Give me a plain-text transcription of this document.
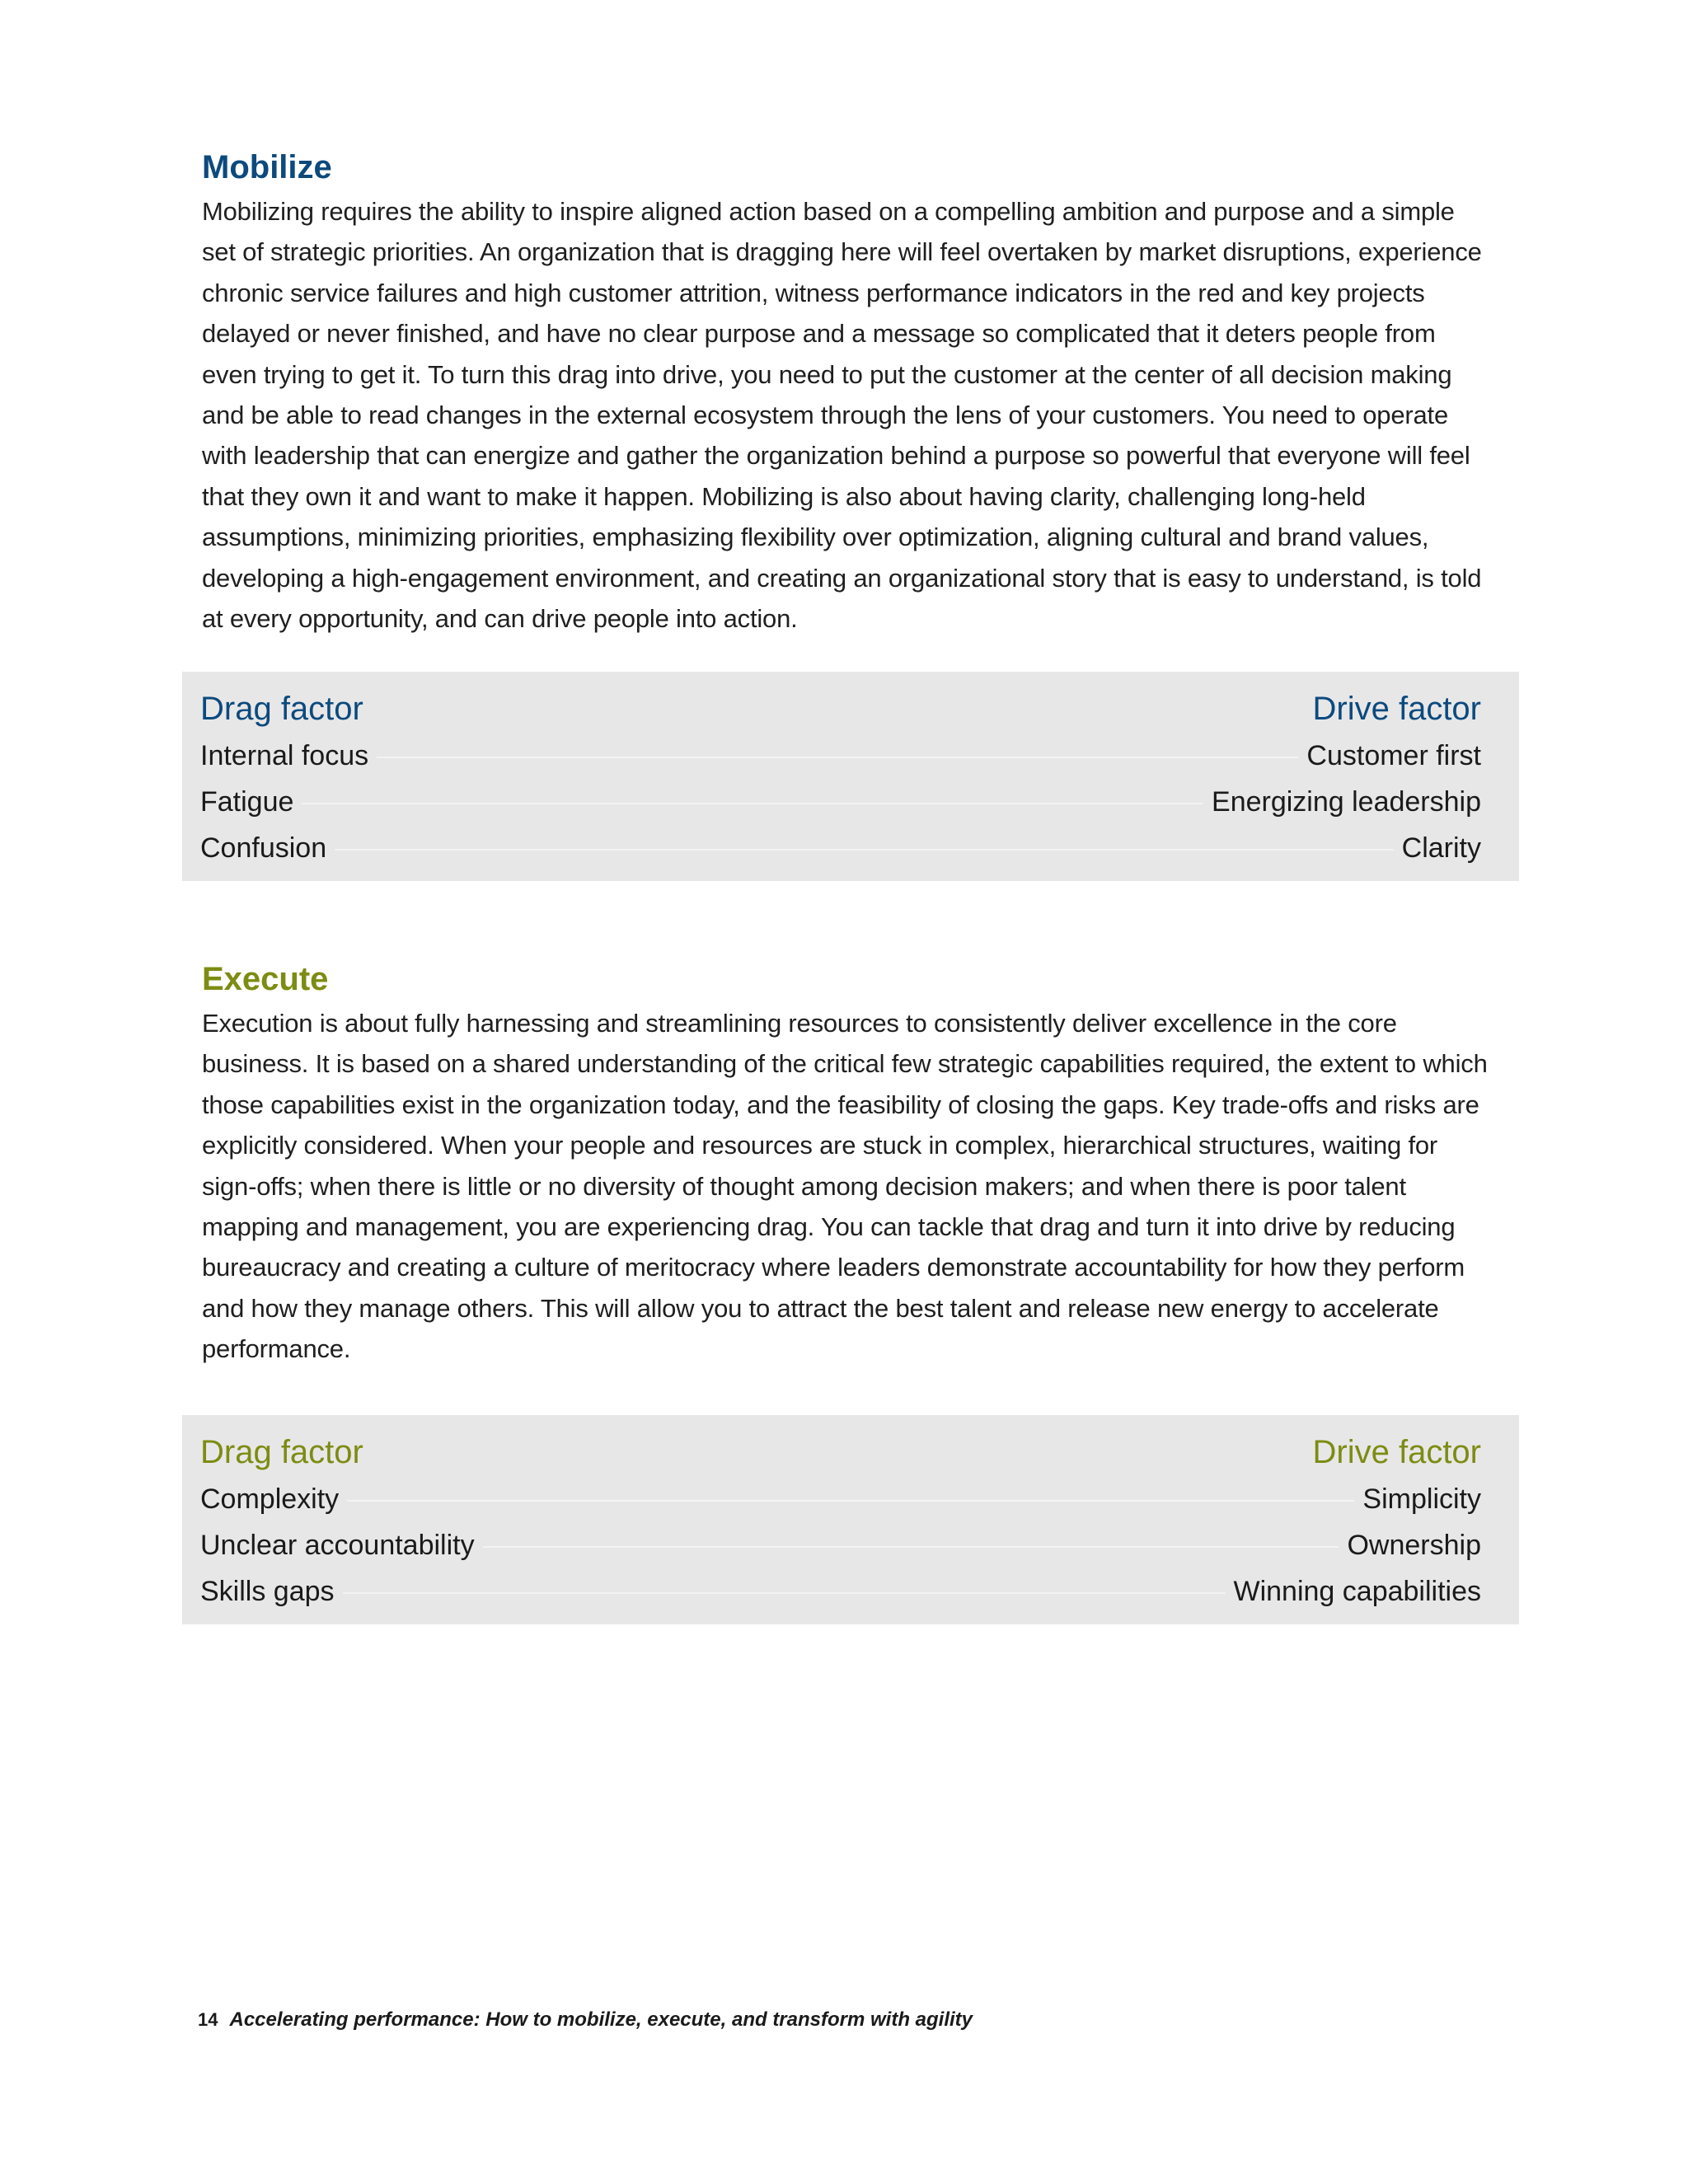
Mobilize

Mobilizing requires the ability to inspire aligned action based on a compelling ambition and purpose and a simple set of strategic priorities. An organization that is dragging here will feel overtaken by market disruptions, experience chronic service failures and high customer attrition, witness performance indicators in the red and key projects delayed or never finished, and have no clear purpose and a message so complicated that it deters people from even trying to get it. To turn this drag into drive, you need to put the customer at the center of all decision making and be able to read changes in the external ecosystem through the lens of your customers. You need to operate with leadership that can energize and gather the organization behind a purpose so powerful that everyone will feel that they own it and want to make it happen. Mobilizing is also about having clarity, challenging long-held assumptions, minimizing priorities, emphasizing flexibility over optimization, aligning cultural and brand values, developing a high-engagement environment, and creating an organizational story that is easy to understand, is told at every opportunity, and can drive people into action.

Drag factor	Drive factor
Internal focus	Customer first
Fatigue	Energizing leadership
Confusion	Clarity
Execute

Execution is about fully harnessing and streamlining resources to consistently deliver excellence in the core business. It is based on a shared understanding of the critical few strategic capabilities required, the extent to which those capabilities exist in the organization today, and the feasibility of closing the gaps. Key trade-offs and risks are explicitly considered. When your people and resources are stuck in complex, hierarchical structures, waiting for sign-offs; when there is little or no diversity of thought among decision makers; and when there is poor talent mapping and management, you are experiencing drag. You can tackle that drag and turn it into drive by reducing bureaucracy and creating a culture of meritocracy where leaders demonstrate accountability for how they perform and how they manage others. This will allow you to attract the best talent and release new energy to accelerate performance.

Drag factor	Drive factor
Complexity	Simplicity
Unclear accountability	Ownership
Skills gaps	Winning capabilities
14 Accelerating performance: How to mobilize, execute, and transform with agility
